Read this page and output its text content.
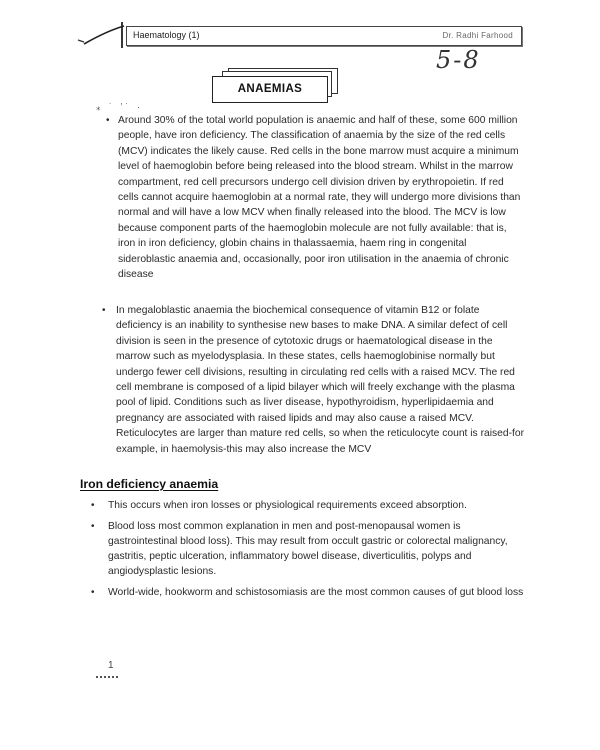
Haematology (1)	Dr. Radhi Farhood
5-8
ANAEMIAS
⁎ ˙ ʼ˙ ·
• Around 30% of the total world population is anaemic and half of these, some 600 million people, have iron deficiency. The classification of anaemia by the size of the red cells (MCV) indicates the likely cause. Red cells in the bone marrow must acquire a minimum level of haemoglobin before being released into the blood stream. Whilst in the marrow compartment, red cell precursors undergo cell division driven by erythropoietin. If red cells cannot acquire haemoglobin at a normal rate, they will undergo more divisions than normal and will have a low MCV when finally released into the blood. The MCV is low because component parts of the haemoglobin molecule are not fully available: that is, iron in iron deficiency, globin chains in thalassaemia, haem ring in congenital sideroblastic anaemia and, occasionally, poor iron utilisation in the anaemia of chronic disease
• In megaloblastic anaemia the biochemical consequence of vitamin B12 or folate deficiency is an inability to synthesise new bases to make DNA. A similar defect of cell division is seen in the presence of cytotoxic drugs or haematological disease in the marrow such as myelodysplasia. In these states, cells haemoglobinise normally but undergo fewer cell divisions, resulting in circulating red cells with a raised MCV. The red cell membrane is composed of a lipid bilayer which will freely exchange with the plasma pool of lipid. Conditions such as liver disease, hypothyroidism, hyperlipidaemia and pregnancy are associated with raised lipids and may also cause a raised MCV. Reticulocytes are larger than mature red cells, so when the reticulocyte count is raised-for example, in haemolysis-this may also increase the MCV
Iron deficiency anaemia
• This occurs when iron losses or physiological requirements exceed absorption.
• Blood loss most common explanation in men and post-menopausal women is gastrointestinal blood loss). This may result from occult gastric or colorectal malignancy, gastritis, peptic ulceration, inflammatory bowel disease, diverticulitis, polyps and angiodysplastic lesions.
• World-wide, hookworm and schistosomiasis are the most common causes of gut blood loss
1
